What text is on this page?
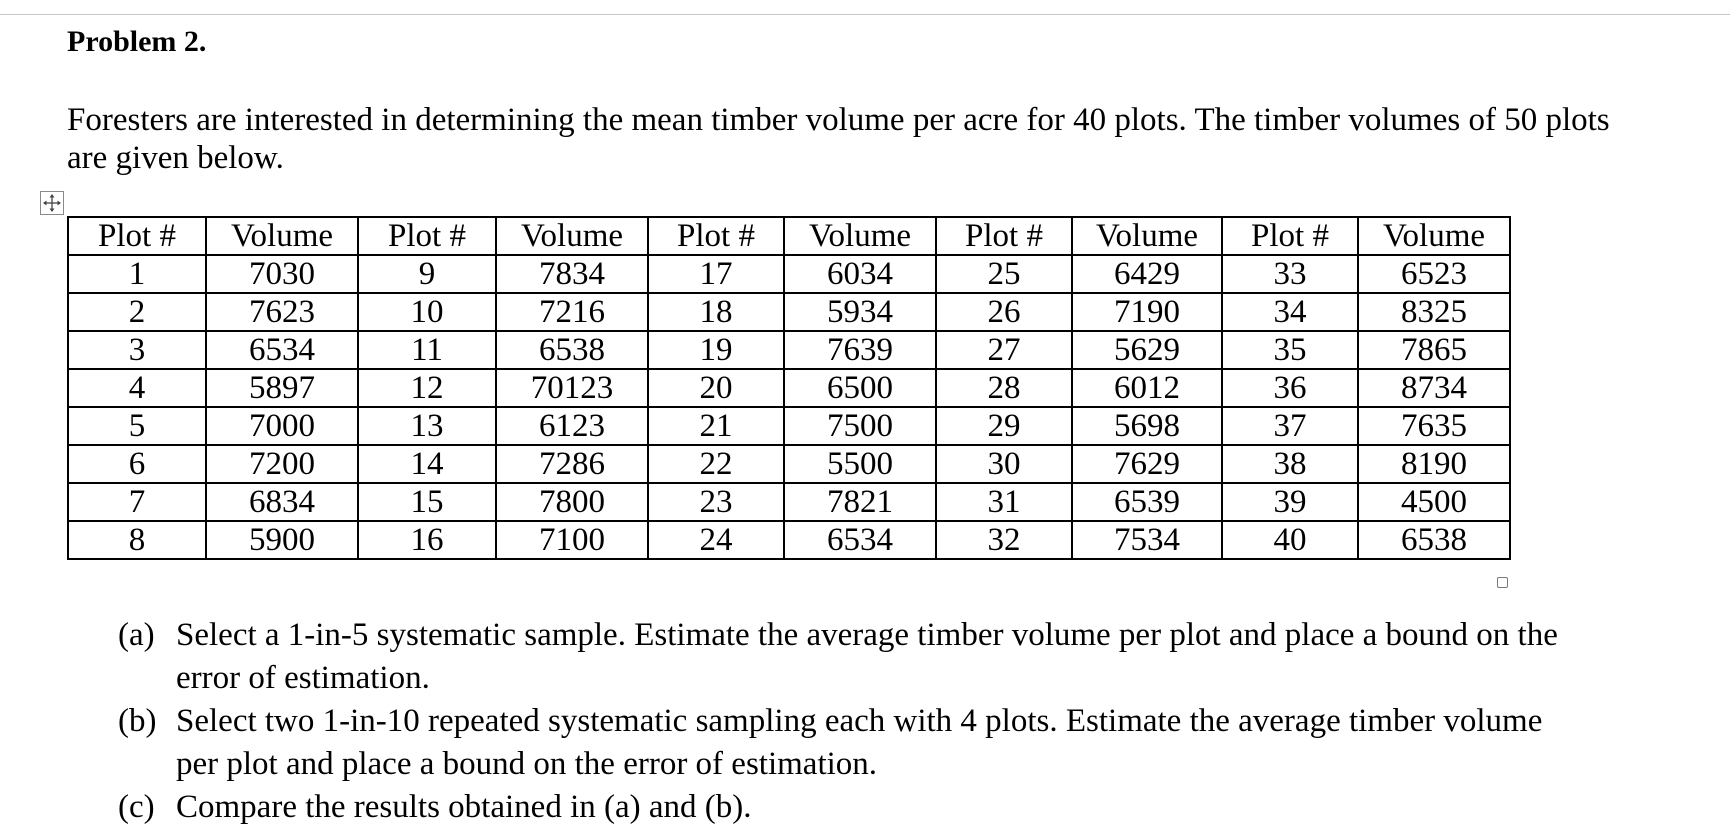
Problem 2.

Foresters are interested in determining the mean timber volume per acre for 40 plots. The timber volumes of 50 plots are given below.

Plot #	Volume	Plot #	Volume	Plot #	Volume	Plot #	Volume	Plot #	Volume
1	7030	9	7834	17	6034	25	6429	33	6523
2	7623	10	7216	18	5934	26	7190	34	8325
3	6534	11	6538	19	7639	27	5629	35	7865
4	5897	12	70123	20	6500	28	6012	36	8734
5	7000	13	6123	21	7500	29	5698	37	7635
6	7200	14	7286	22	5500	30	7629	38	8190
7	6834	15	7800	23	7821	31	6539	39	4500
8	5900	16	7100	24	6534	32	7534	40	6538
(a) Select a 1-in-5 systematic sample. Estimate the average timber volume per plot and place a bound on the error of estimation.
(b) Select two 1-in-10 repeated systematic sampling each with 4 plots. Estimate the average timber volume per plot and place a bound on the error of estimation.
(c) Compare the results obtained in (a) and (b).
